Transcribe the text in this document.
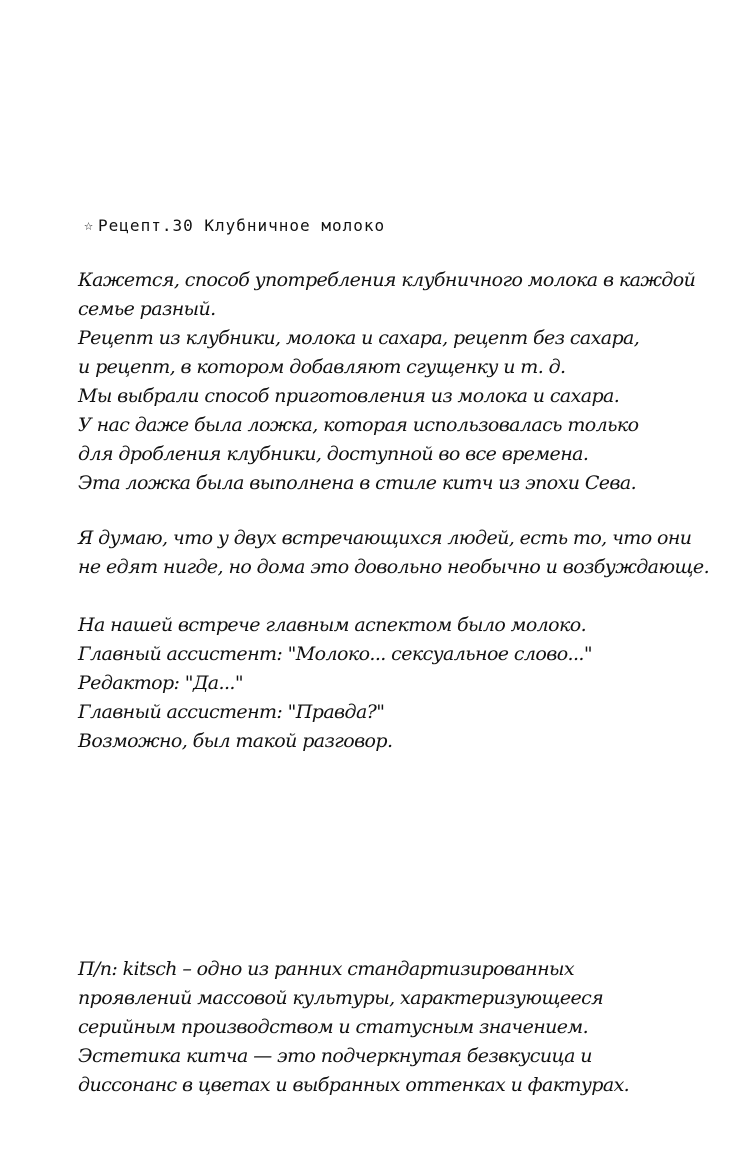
☆ Рецепт.30 Клубничное молоко
Кажется, способ употребления клубничного молока в каждой
семье разный.
Рецепт из клубники, молока и сахара, рецепт без сахара,
и рецепт, в котором добавляют сгущенку и т. д.
Мы выбрали способ приготовления из молока и сахара.
У нас даже была ложка, которая использовалась только
для дробления клубники, доступной во все времена.
Эта ложка была выполнена в стиле китч из эпохи Сева.
Я думаю, что у двух встречающихся людей, есть то, что они
не едят нигде, но дома это довольно необычно и возбуждающе.
На нашей встрече главным аспектом было молоко.
Главный ассистент: "Молоко... сексуальное слово..."
Редактор: "Да..."
Главный ассистент: "Правда?"
Возможно, был такой разговор.
П/п: kitsch – одно из ранних стандартизированных
проявлений массовой культуры, характеризующееся
серийным производством и статусным значением.
Эстетика китча — это подчеркнутая безвкусица и
диссонанс в цветах и выбранных оттенках и фактурах.
